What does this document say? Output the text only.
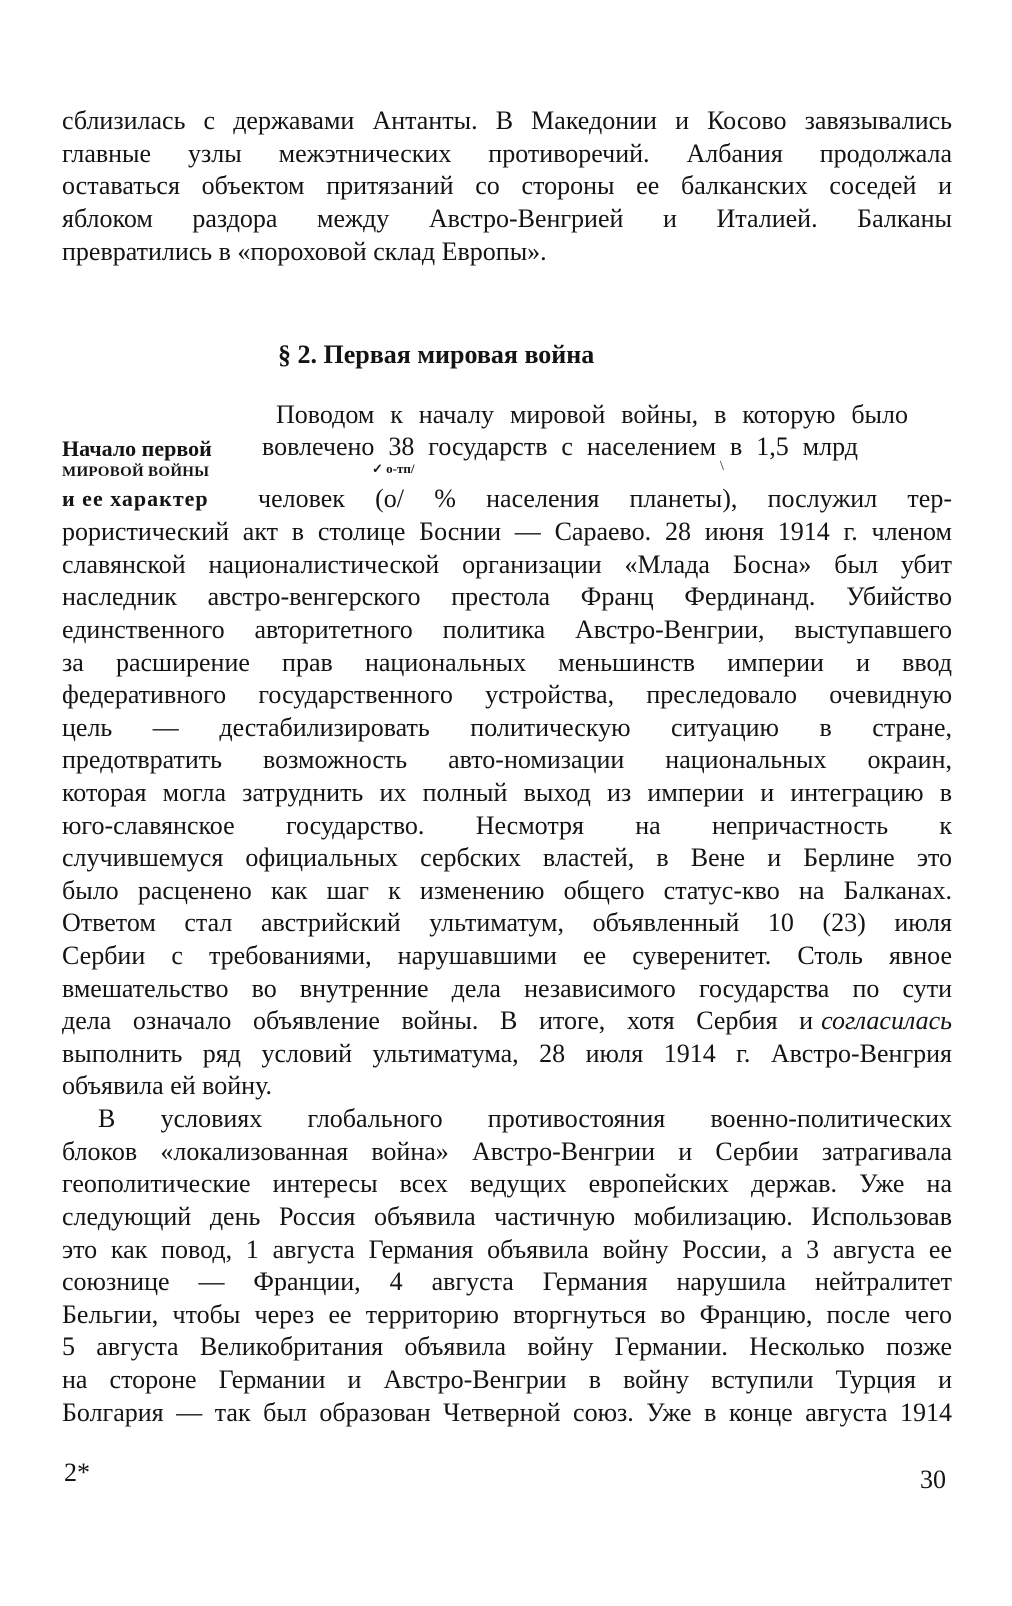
сблизилась с державами Антанты. В Македонии и Косово завязывались
главные узлы межэтнических противоречий. Албания продолжала
оставаться объектом притязаний со стороны ее балканских соседей и
яблоком раздора между Австро-Венгрией и Италией. Балканы
превратились в «пороховой склад Европы».
§ 2. Первая мировая война
Поводом к началу мировой войны, в которую было
Начало первой вовлечено 38 государств с населением в 1,5 млрд
МИРОВОЙ ВОЙНЫ	✓ o-тп/	\
и ее характер	человек (o/ % населения планеты), послужил тер-
рористический акт в столице Боснии — Сараево. 28 июня 1914 г. членом
славянской националистической организации «Млада Босна» был убит
наследник австро-венгерского престола Франц Фердинанд. Убийство
единственного авторитетного политика Австро-Венгрии, выступавшего
за расширение прав национальных меньшинств империи и ввод
федеративного государственного устройства, преследовало очевидную
цель — дестабилизировать политическую ситуацию в стране,
предотвратить возможность авто-номизации национальных окраин,
которая могла затруднить их полный выход из империи и интеграцию в
юго-славянское государство. Несмотря на непричастность к
случившемуся официальных сербских властей, в Вене и Берлине это
было расценено как шаг к изменению общего статус-кво на Балканах.
Ответом стал австрийский ультиматум, объявленный 10 (23) июля
Сербии с требованиями, нарушавшими ее суверенитет. Столь явное
вмешательство во внутренние дела независимого государства по сути
дела означало объявление войны. В итоге, хотя Сербия и согласилась
выполнить ряд условий ультиматума, 28 июля 1914 г. Австро-Венгрия
объявила ей войну.
В условиях глобального противостояния военно-политических
блоков «локализованная война» Австро-Венгрии и Сербии затрагивала
геополитические интересы всех ведущих европейских держав. Уже на
следующий день Россия объявила частичную мобилизацию. Использовав
это как повод, 1 августа Германия объявила войну России, а 3 августа ее
союзнице — Франции, 4 августа Германия нарушила нейтралитет
Бельгии, чтобы через ее территорию вторгнуться во Францию, после чего
5 августа Великобритания объявила войну Германии. Несколько позже
на стороне Германии и Австро-Венгрии в войну вступили Турция и
Болгария — так был образован Четверной союз. Уже в конце августа 1914
2*	30
